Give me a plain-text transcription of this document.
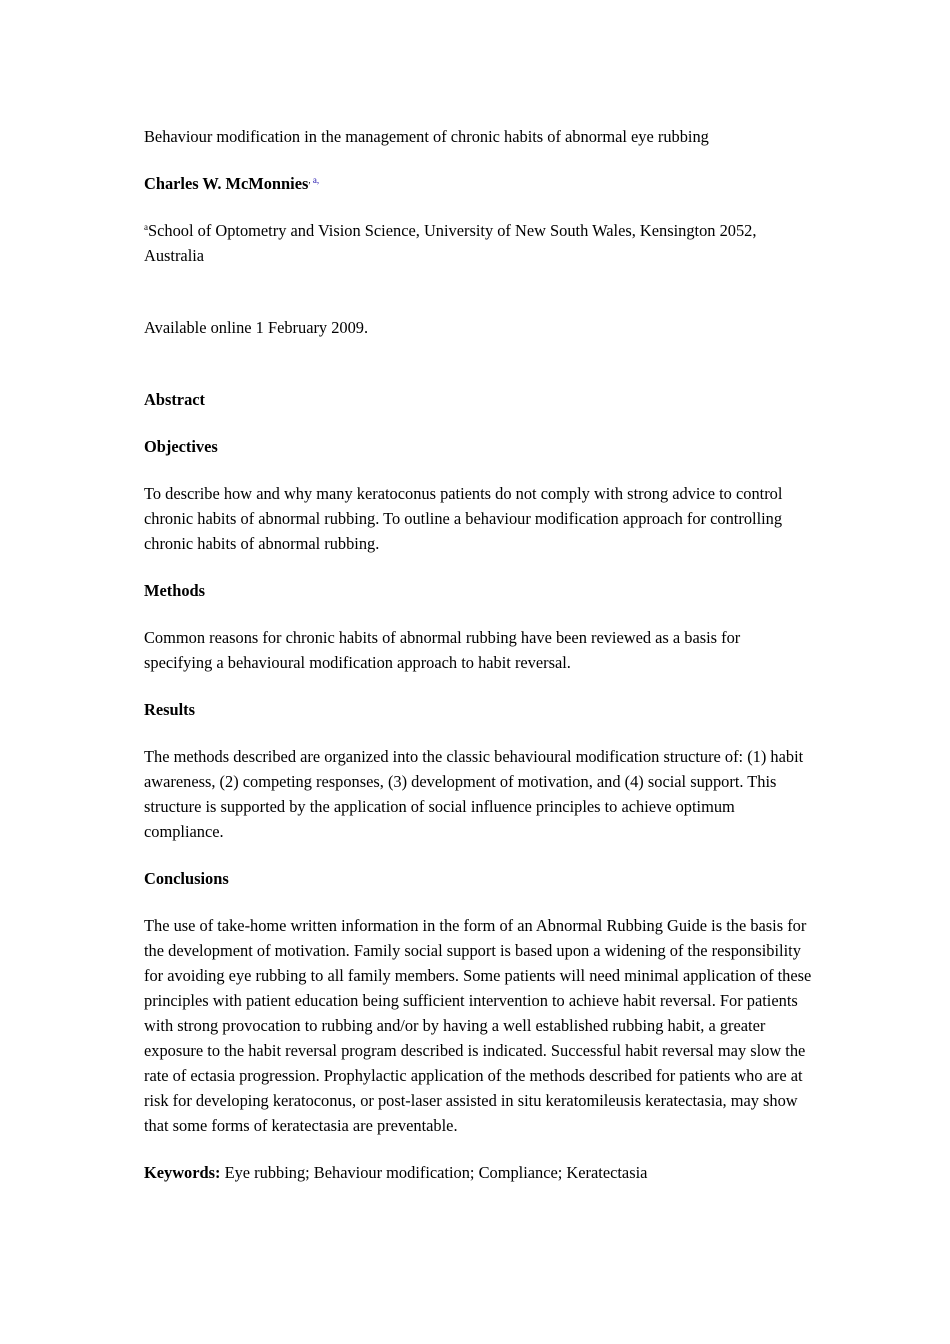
Behaviour modification in the management of chronic habits of abnormal eye rubbing
Charles W. McMonnies$^{, a,}$
$^a$School of Optometry and Vision Science, University of New South Wales, Kensington 2052, Australia
Available online 1 February 2009.
Abstract
Objectives
To describe how and why many keratoconus patients do not comply with strong advice to control chronic habits of abnormal rubbing. To outline a behaviour modification approach for controlling chronic habits of abnormal rubbing.
Methods
Common reasons for chronic habits of abnormal rubbing have been reviewed as a basis for specifying a behavioural modification approach to habit reversal.
Results
The methods described are organized into the classic behavioural modification structure of: (1) habit awareness, (2) competing responses, (3) development of motivation, and (4) social support. This structure is supported by the application of social influence principles to achieve optimum compliance.
Conclusions
The use of take-home written information in the form of an Abnormal Rubbing Guide is the basis for the development of motivation. Family social support is based upon a widening of the responsibility for avoiding eye rubbing to all family members. Some patients will need minimal application of these principles with patient education being sufficient intervention to achieve habit reversal. For patients with strong provocation to rubbing and/or by having a well established rubbing habit, a greater exposure to the habit reversal program described is indicated. Successful habit reversal may slow the rate of ectasia progression. Prophylactic application of the methods described for patients who are at risk for developing keratoconus, or post-laser assisted in situ keratomileusis keratectasia, may show that some forms of keratectasia are preventable.
Keywords: Eye rubbing; Behaviour modification; Compliance; Keratectasia
